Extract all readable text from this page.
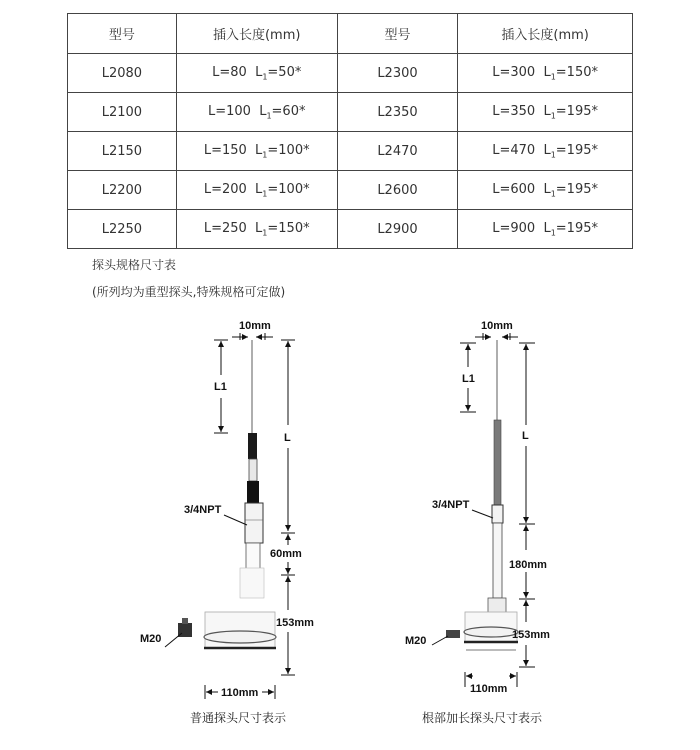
型号	插入长度(mm)	型号	插入长度(mm)
L2080	L=80 $L_1=50*$	L2300	L=300 $L_1=150*$
L2100	L=100 $L_1=60*$	L2350	L=350 $L_1=195*$
L2150	L=150 $L_1=100*$	L2470	L=470 $L_1=195*$
L2200	L=200 $L_1=100*$	L2600	L=600 $L_1=195*$
L2250	L=250 $L_1=150*$	L2900	L=900 $L_1=195*$
探头规格尺寸表
(所列均为重型探头,特殊规格可定做)
10mm
L1
L
60mm
153mm
3/4NPT
M20
110mm
10mm
L1
L
180mm
153mm
3/4NPT
M20
110mm
普通探头尺寸表示	根部加长探头尺寸表示
